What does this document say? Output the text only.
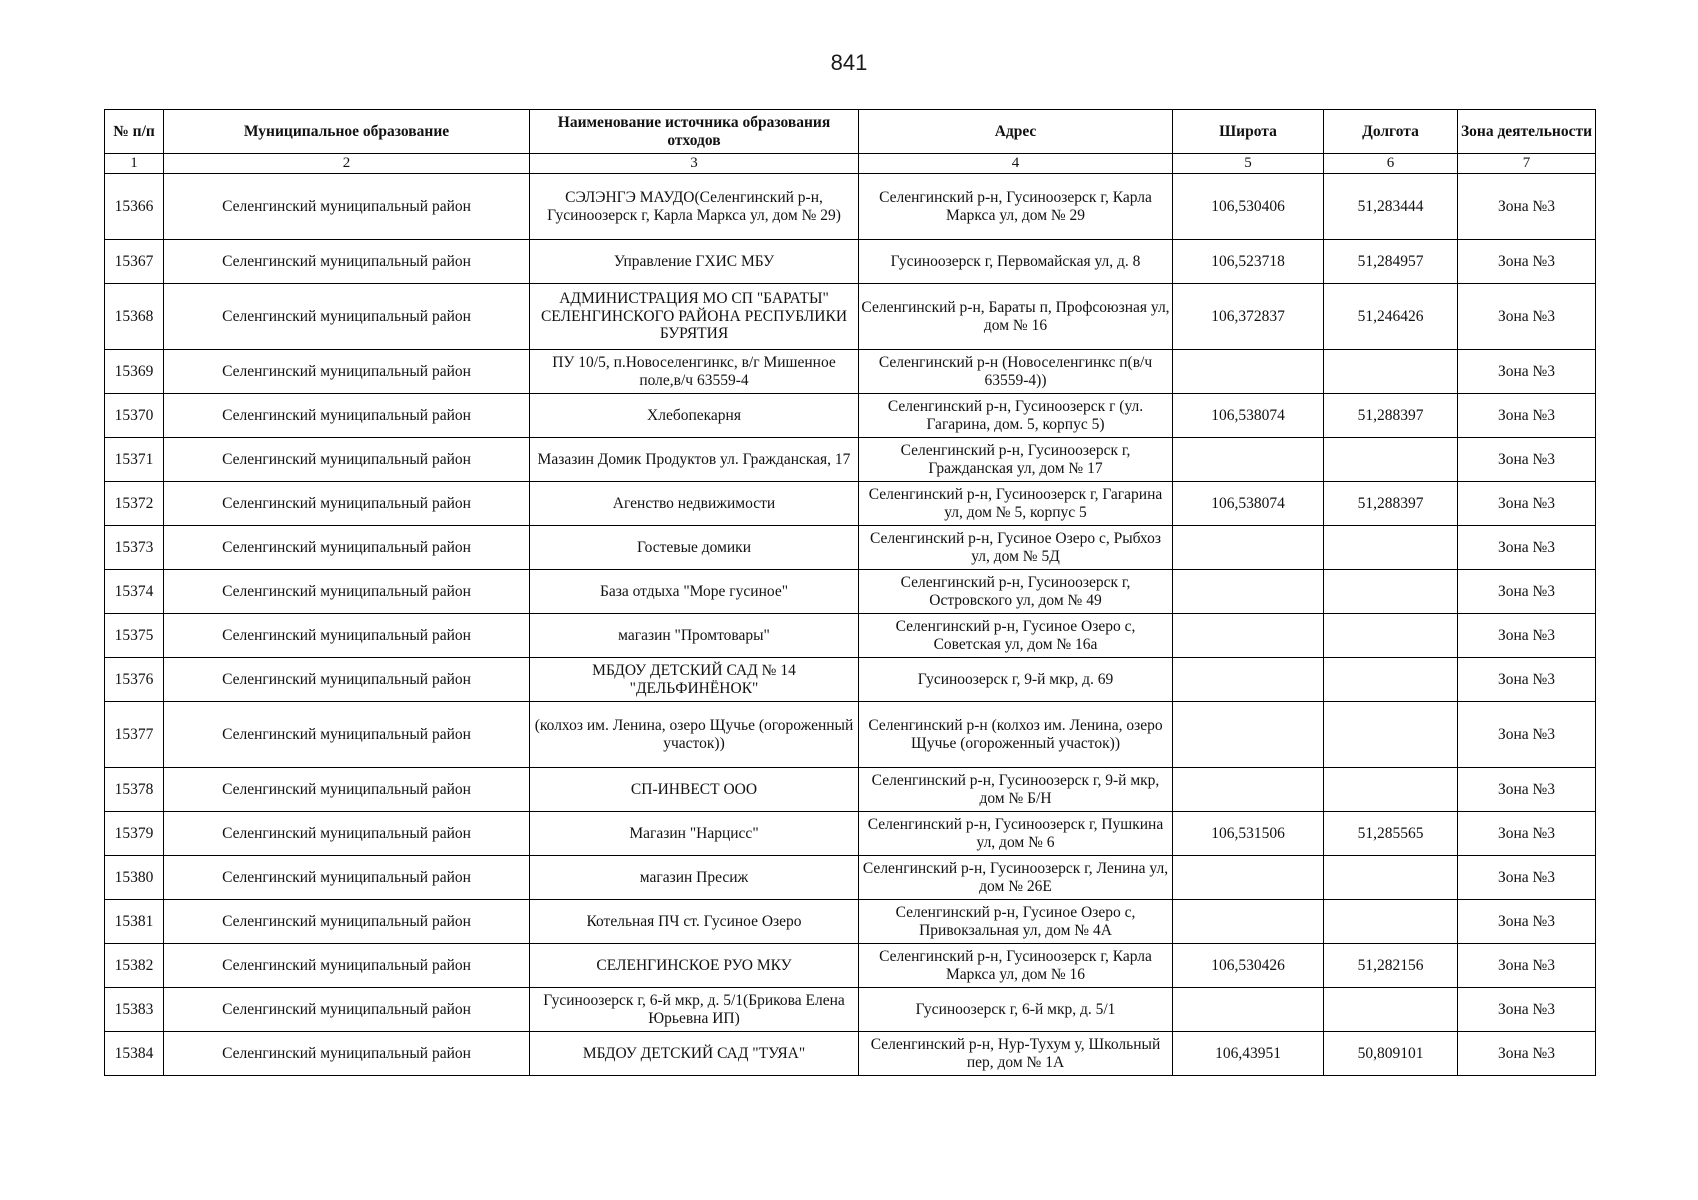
841
№ п/п	Муниципальное образование	Наименование источника образования отходов	Адрес	Широта	Долгота	Зона деятельности
1	2	3	4	5	6	7
15366	Селенгинский муниципальный район	СЭЛЭНГЭ МАУДО(Селенгинский р-н, Гусиноозерск г, Карла Маркса ул, дом № 29)	Селенгинский р-н, Гусиноозерск г, Карла Маркса ул, дом № 29	106,530406	51,283444	Зона №3
15367	Селенгинский муниципальный район	Управление ГХИС МБУ	Гусиноозерск г, Первомайская ул, д. 8	106,523718	51,284957	Зона №3
15368	Селенгинский муниципальный район	АДМИНИСТРАЦИЯ МО СП "БАРАТЫ" СЕЛЕНГИНСКОГО РАЙОНА РЕСПУБЛИКИ БУРЯТИЯ	Селенгинский р-н, Бараты п, Профсоюзная ул, дом № 16	106,372837	51,246426	Зона №3
15369	Селенгинский муниципальный район	ПУ 10/5, п.Новоселенгинкс, в/г Мишенное поле,в/ч 63559-4	Селенгинский р-н (Новоселенгинкс п(в/ч 63559-4))			Зона №3
15370	Селенгинский муниципальный район	Хлебопекарня	Селенгинский р-н, Гусиноозерск г (ул. Гагарина, дом. 5, корпус 5)	106,538074	51,288397	Зона №3
15371	Селенгинский муниципальный район	Мазазин Домик Продуктов ул. Гражданская, 17	Селенгинский р-н, Гусиноозерск г, Гражданская ул, дом № 17			Зона №3
15372	Селенгинский муниципальный район	Агенство недвижимости	Селенгинский р-н, Гусиноозерск г, Гагарина ул, дом № 5, корпус 5	106,538074	51,288397	Зона №3
15373	Селенгинский муниципальный район	Гостевые домики	Селенгинский р-н, Гусиное Озеро с, Рыбхоз ул, дом № 5Д			Зона №3
15374	Селенгинский муниципальный район	База отдыха "Море гусиное"	Селенгинский р-н, Гусиноозерск г, Островского ул, дом № 49			Зона №3
15375	Селенгинский муниципальный район	магазин "Промтовары"	Селенгинский р-н, Гусиное Озеро с, Советская ул, дом № 16а			Зона №3
15376	Селенгинский муниципальный район	МБДОУ ДЕТСКИЙ САД № 14 "ДЕЛЬФИНЁНОК"	Гусиноозерск г, 9-й мкр, д. 69			Зона №3
15377	Селенгинский муниципальный район	(колхоз им. Ленина, озеро Щучье (огороженный участок))	Селенгинский р-н (колхоз им. Ленина, озеро Щучье (огороженный участок))			Зона №3
15378	Селенгинский муниципальный район	СП-ИНВЕСТ ООО	Селенгинский р-н, Гусиноозерск г, 9-й мкр, дом № Б/Н			Зона №3
15379	Селенгинский муниципальный район	Магазин "Нарцисс"	Селенгинский р-н, Гусиноозерск г, Пушкина ул, дом № 6	106,531506	51,285565	Зона №3
15380	Селенгинский муниципальный район	магазин Пресиж	Селенгинский р-н, Гусиноозерск г, Ленина ул, дом № 26Е			Зона №3
15381	Селенгинский муниципальный район	Котельная ПЧ ст. Гусиное Озеро	Селенгинский р-н, Гусиное Озеро с, Привокзальная ул, дом № 4А			Зона №3
15382	Селенгинский муниципальный район	СЕЛЕНГИНСКОЕ РУО МКУ	Селенгинский р-н, Гусиноозерск г, Карла Маркса ул, дом № 16	106,530426	51,282156	Зона №3
15383	Селенгинский муниципальный район	Гусиноозерск г, 6-й мкр, д. 5/1(Брикова Елена Юрьевна ИП)	Гусиноозерск г, 6-й мкр, д. 5/1			Зона №3
15384	Селенгинский муниципальный район	МБДОУ ДЕТСКИЙ САД "ТУЯА"	Селенгинский р-н, Нур-Тухум у, Школьный пер, дом № 1А	106,43951	50,809101	Зона №3
